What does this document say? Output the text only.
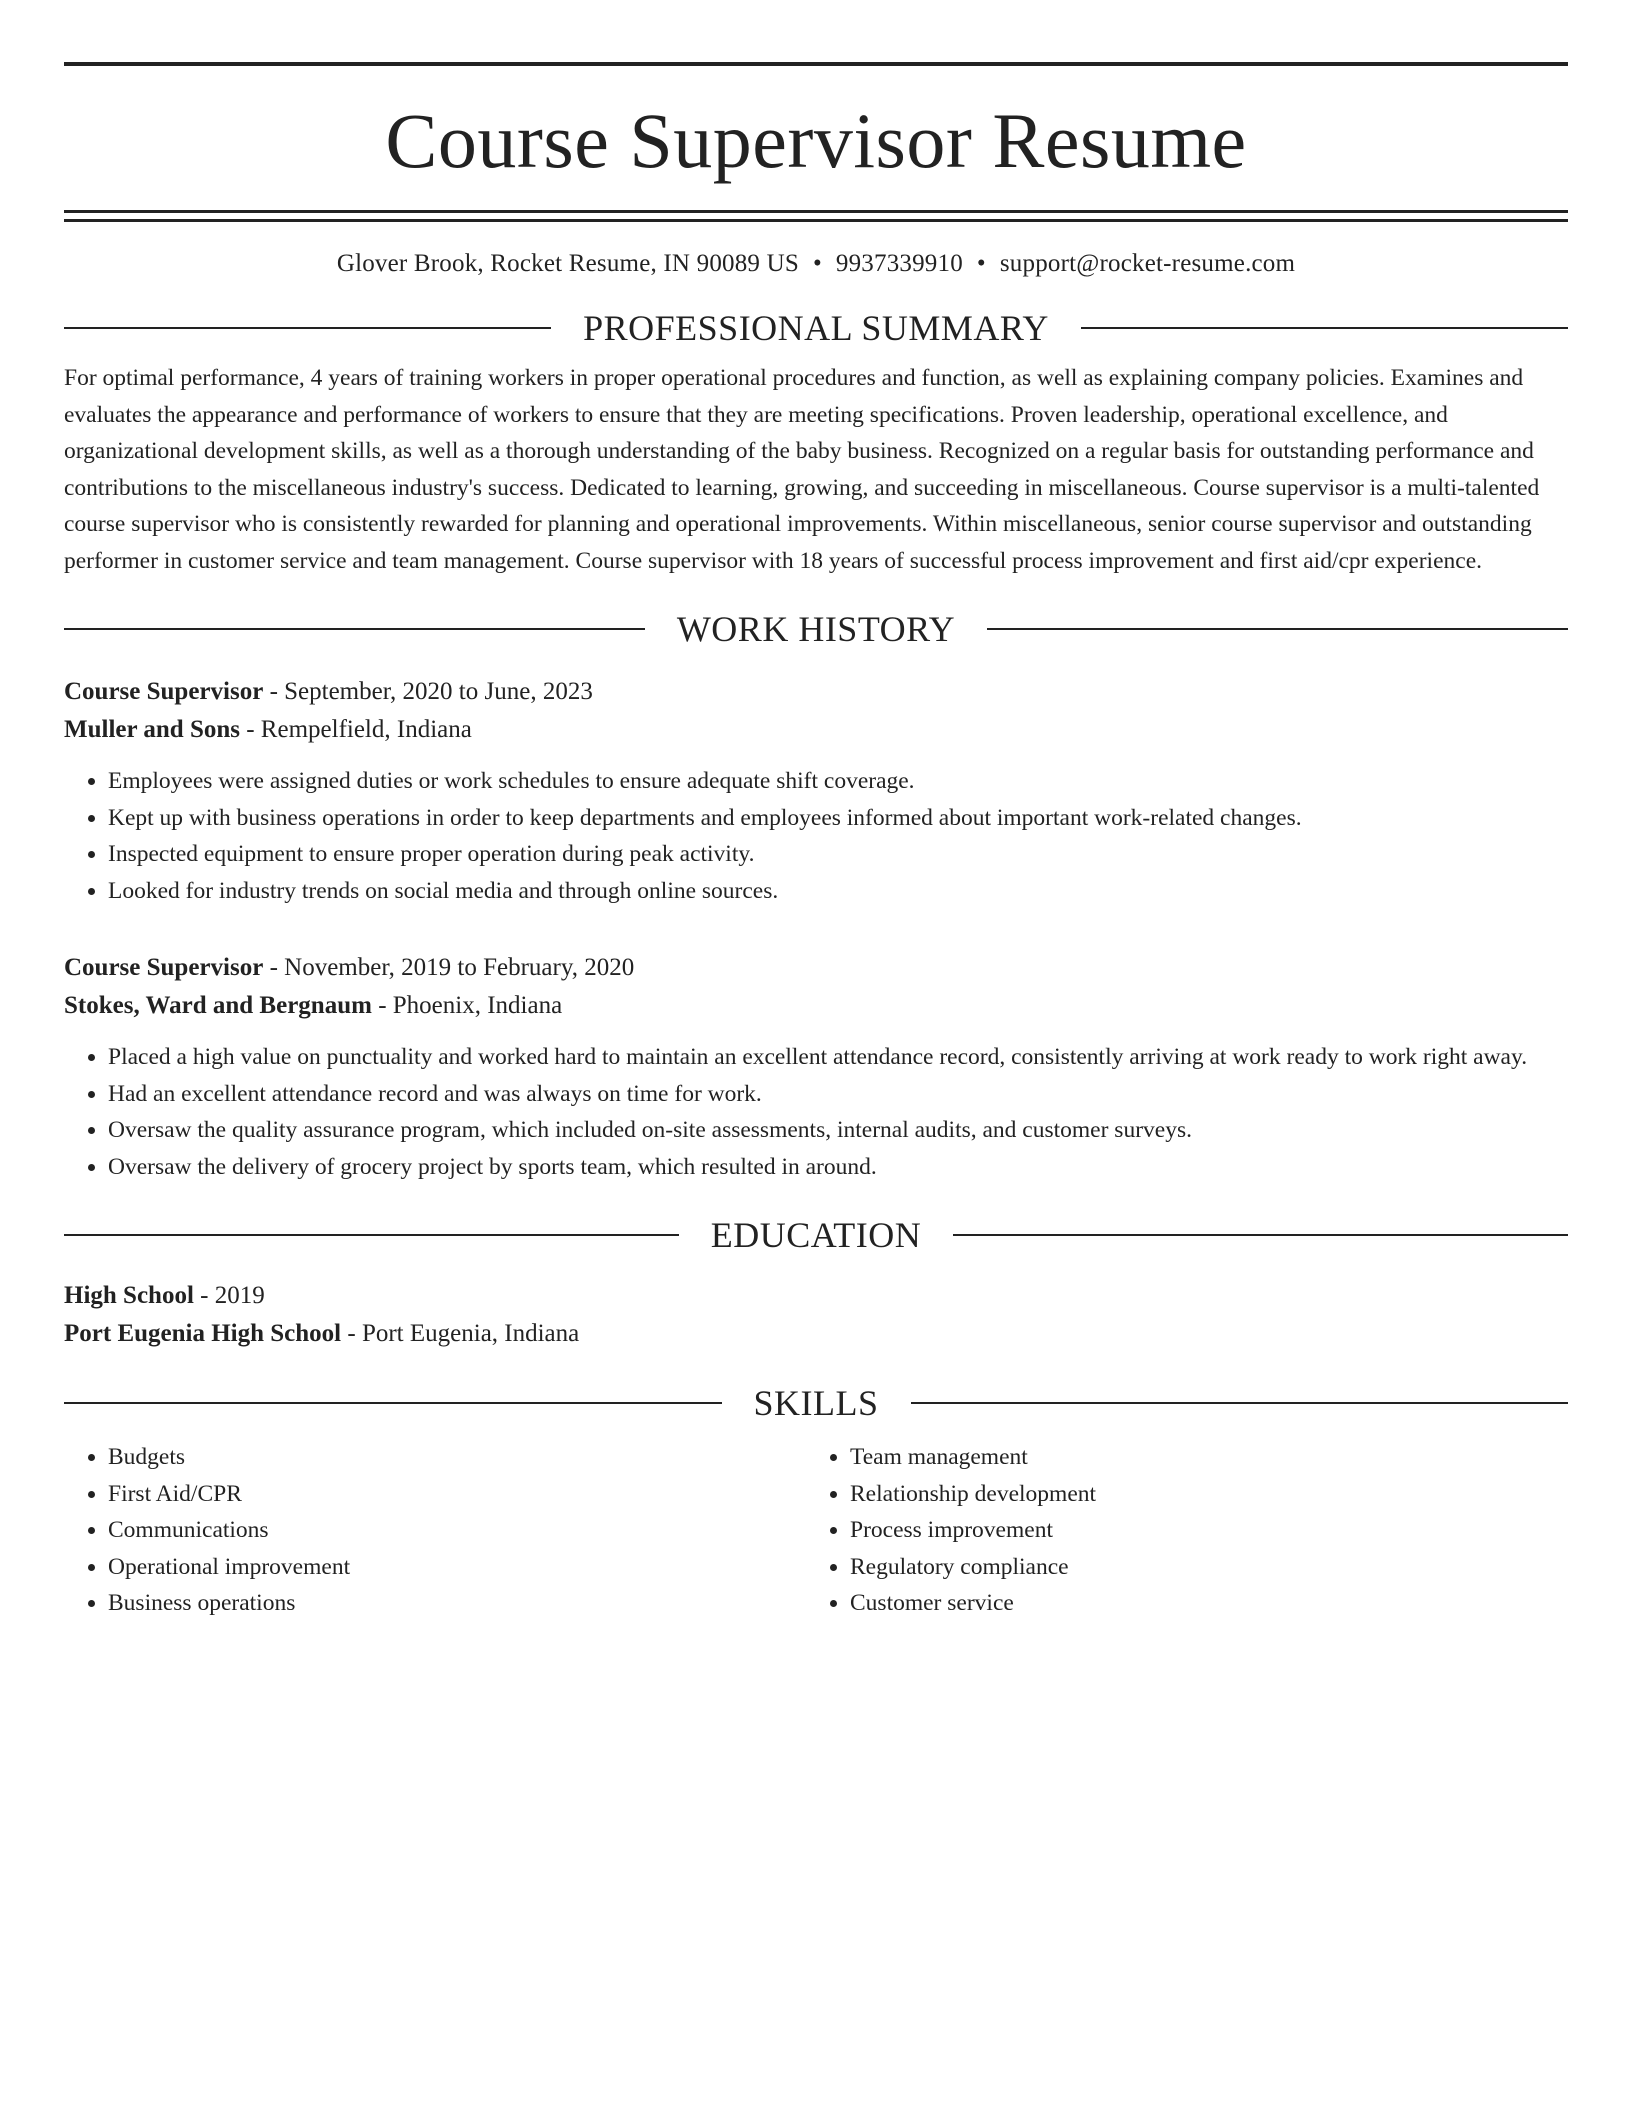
Course Supervisor Resume
Glover Brook, Rocket Resume, IN 90089 US • 9937339910 • support@rocket-resume.com
PROFESSIONAL SUMMARY
For optimal performance, 4 years of training workers in proper operational procedures and function, as well as explaining company policies. Examines and evaluates the appearance and performance of workers to ensure that they are meeting specifications. Proven leadership, operational excellence, and organizational development skills, as well as a thorough understanding of the baby business. Recognized on a regular basis for outstanding performance and contributions to the miscellaneous industry's success. Dedicated to learning, growing, and succeeding in miscellaneous. Course supervisor is a multi-talented course supervisor who is consistently rewarded for planning and operational improvements. Within miscellaneous, senior course supervisor and outstanding performer in customer service and team management. Course supervisor with 18 years of successful process improvement and first aid/cpr experience.
WORK HISTORY
Course Supervisor - September, 2020 to June, 2023
Muller and Sons - Rempelfield, Indiana
• Employees were assigned duties or work schedules to ensure adequate shift coverage.
• Kept up with business operations in order to keep departments and employees informed about important work-related changes.
• Inspected equipment to ensure proper operation during peak activity.
• Looked for industry trends on social media and through online sources.
Course Supervisor - November, 2019 to February, 2020
Stokes, Ward and Bergnaum - Phoenix, Indiana
• Placed a high value on punctuality and worked hard to maintain an excellent attendance record, consistently arriving at work ready to work right away.
• Had an excellent attendance record and was always on time for work.
• Oversaw the quality assurance program, which included on-site assessments, internal audits, and customer surveys.
• Oversaw the delivery of grocery project by sports team, which resulted in around.
EDUCATION
High School - 2019
Port Eugenia High School - Port Eugenia, Indiana
SKILLS
• Budgets
• First Aid/CPR
• Communications
• Operational improvement
• Business operations
• Team management
• Relationship development
• Process improvement
• Regulatory compliance
• Customer service
